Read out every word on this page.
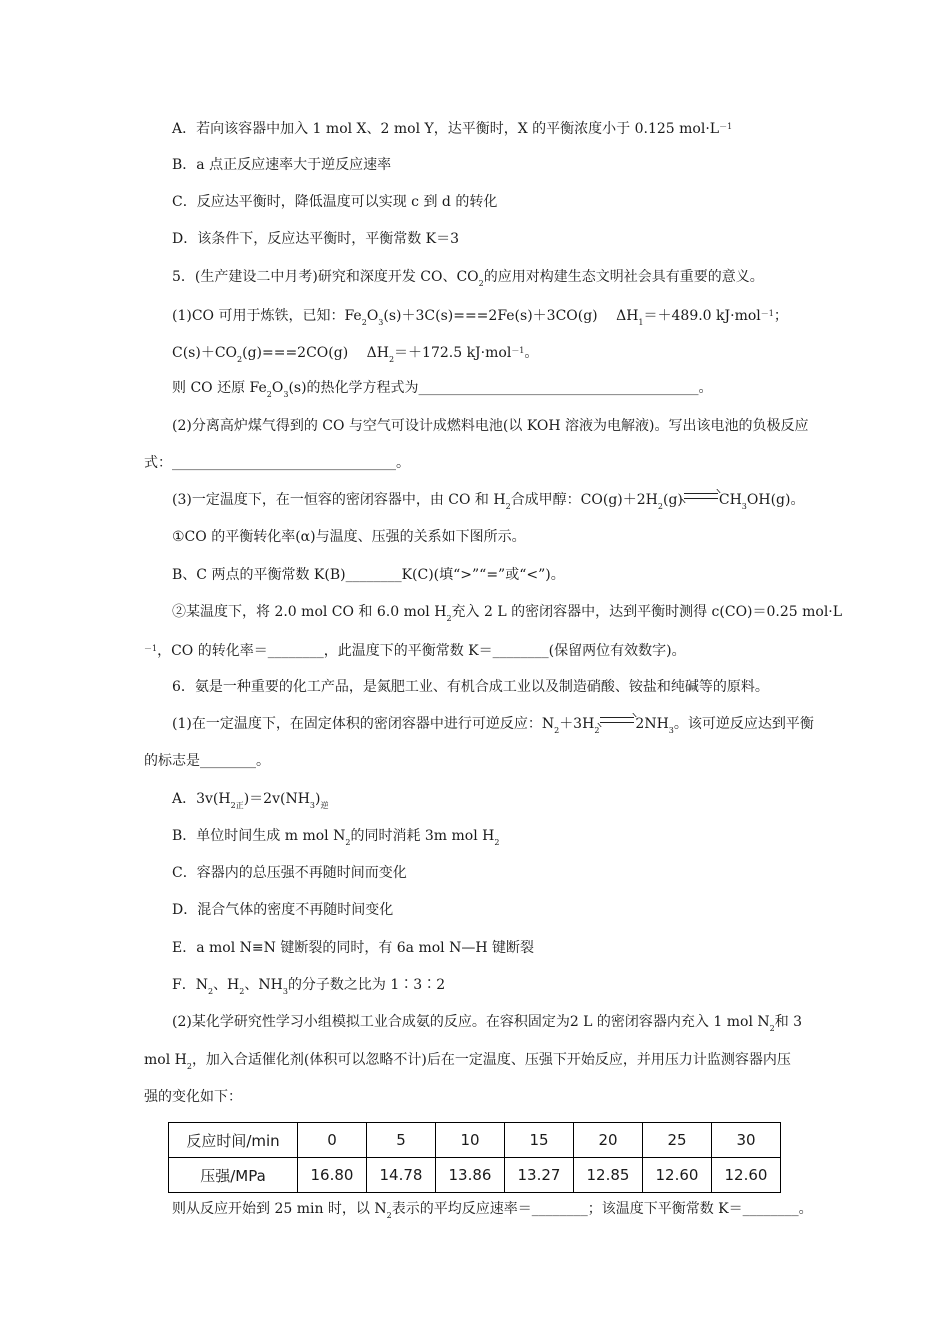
A．若向该容器中加入 1 mol X、2 mol Y，达平衡时，X 的平衡浓度小于 0.125 $mol\cdot L^{-1}$
B．a 点正反应速率大于逆反应速率
C．反应达平衡时，降低温度可以实现 c 到 d 的转化
D．该条件下，反应达平衡时，平衡常数 K＝3
5．(生产建设二中月考)研究和深度开发 CO、$CO_2$的应用对构建生态文明社会具有重要的意义。
(1)CO 可用于炼铁，已知：$Fe_2O_3(s)+3C(s)===2Fe(s)+3CO(g)$　 $\Delta H_1=+489.0$ kJ·mol$^{-1}$；
$C(s)+CO_2(g)===2CO(g)$　 $\Delta H_2=+172.5$ kJ·mol$^{-1}$。
则 CO 还原 $Fe_2O_3(s)$的热化学方程式为________________________________________。
(2)分离高炉煤气得到的 CO 与空气可设计成燃料电池(以 KOH 溶液为电解液)。写出该电池的负极反应
式：________________________________。
(3)一定温度下，在一恒容的密闭容器中，由 CO 和 $H_2$合成甲醇：$CO(g)+2H_2(g)$	$CH_3OH(g)$。
①CO 的平衡转化率(α)与温度、压强的关系如下图所示。
B、C 两点的平衡常数 K(B)________K(C)(填“>”“=”或“<”)。
②某温度下，将 2.0 mol CO 和 6.0 mol $H_2$充入 2 L 的密闭容器中，达到平衡时测得 c(CO)＝0.25 mol·L
$^{-1}$，CO 的转化率＝________，此温度下的平衡常数 K＝________(保留两位有效数字)。
6．氨是一种重要的化工产品，是氮肥工业、有机合成工业以及制造硝酸、铵盐和纯碱等的原料。
(1)在一定温度下，在固定体积的密闭容器中进行可逆反应：$N_2+3H_2$	$2NH_3$。该可逆反应达到平衡
的标志是________。
A．$3v(H_{2正})=2v(NH_3)_逆$
B．单位时间生成 m mol $N_2$的同时消耗 3m mol $H_2$
C．容器内的总压强不再随时间而变化
D．混合气体的密度不再随时间变化
E．a mol N≡N 键断裂的同时，有 6a mol N—H 键断裂
F．$N_2$、$H_2$、$NH_3$的分子数之比为 1∶3∶2
(2)某化学研究性学习小组模拟工业合成氨的反应。在容积固定为2 L 的密闭容器内充入 1 mol $N_2$和 3
mol $H_2$，加入合适催化剂(体积可以忽略不计)后在一定温度、压强下开始反应，并用压力计监测容器内压
强的变化如下：
反应时间/min	0	5	10	15	20	25	30
压强/MPa	16.80	14.78	13.86	13.27	12.85	12.60	12.60
则从反应开始到 25 min 时，以 $N_2$表示的平均反应速率＝________；该温度下平衡常数 K＝________。
